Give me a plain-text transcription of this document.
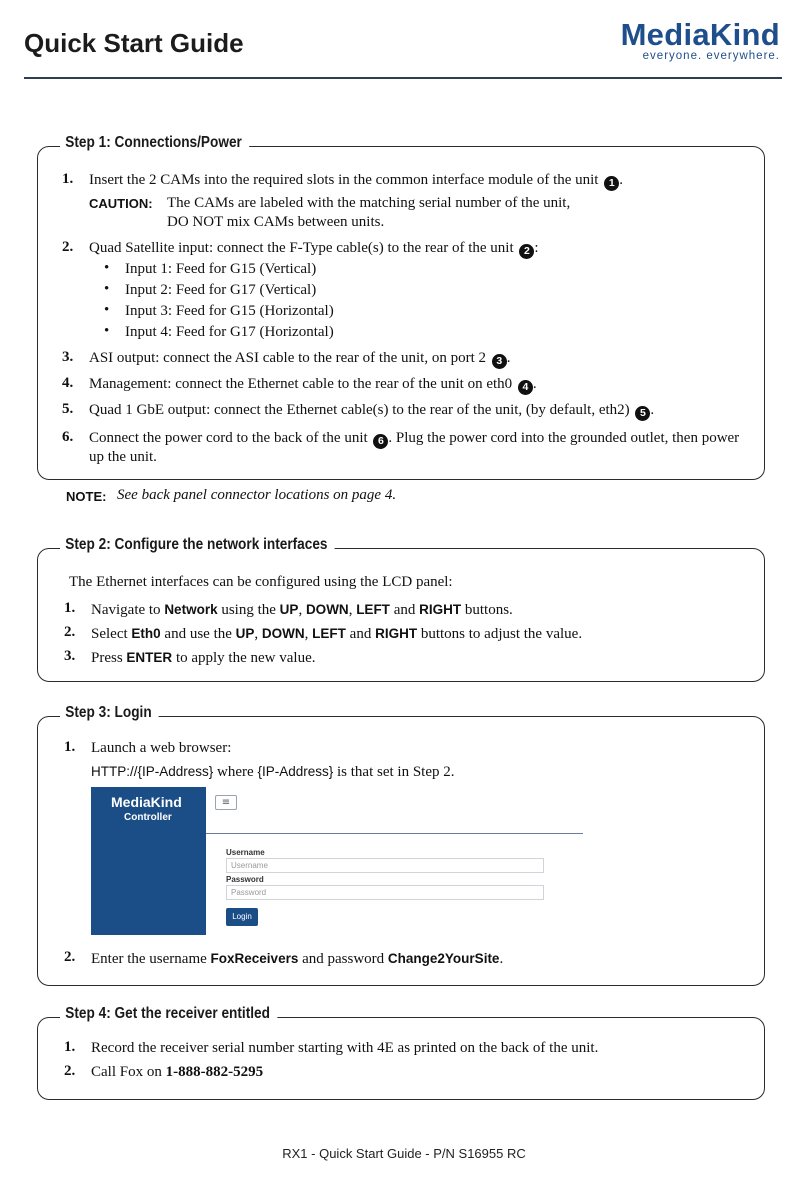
Quick Start Guide	MediaKind
everyone. everywhere.
Step 1: Connections/Power
1. Insert the 2 CAMs into the required slots in the common interface module of the unit 1 .
CAUTION: The CAMs are labeled with the matching serial number of the unit,
DO NOT mix CAMs between units.
2. Quad Satellite input: connect the F-Type cable(s) to the rear of the unit 2 :
• Input 1: Feed for G15 (Vertical)
• Input 2: Feed for G17 (Vertical)
• Input 3: Feed for G15 (Horizontal)
• Input 4: Feed for G17 (Horizontal)
3. ASI output: connect the ASI cable to the rear of the unit, on port 2 3 .
4. Management: connect the Ethernet cable to the rear of the unit on eth0 4 .
5. Quad 1 GbE output: connect the Ethernet cable(s) to the rear of the unit, (by default, eth2) 5 .
6. Connect the power cord to the back of the unit 6 . Plug the power cord into the grounded outlet, then power
up the unit.
NOTE: See back panel connector locations on page 4.
Step 2: Configure the network interfaces
The Ethernet interfaces can be configured using the LCD panel:
1. Navigate to Network using the UP, DOWN, LEFT and RIGHT buttons.
2. Select Eth0 and use the UP, DOWN, LEFT and RIGHT buttons to adjust the value.
3. Press ENTER to apply the new value.
Step 3: Login
1. Launch a web browser:
HTTP://{IP-Address} where {IP-Address} is that set in Step 2.
2. Enter the username FoxReceivers and password Change2YourSite.
MediaKind
Controller
≡
Username
Username
Password
Password
Login
Step 4: Get the receiver entitled
1. Record the receiver serial number starting with 4E as printed on the back of the unit.
2. Call Fox on 1-888-882-5295
RX1 - Quick Start Guide - P/N S16955 RC
